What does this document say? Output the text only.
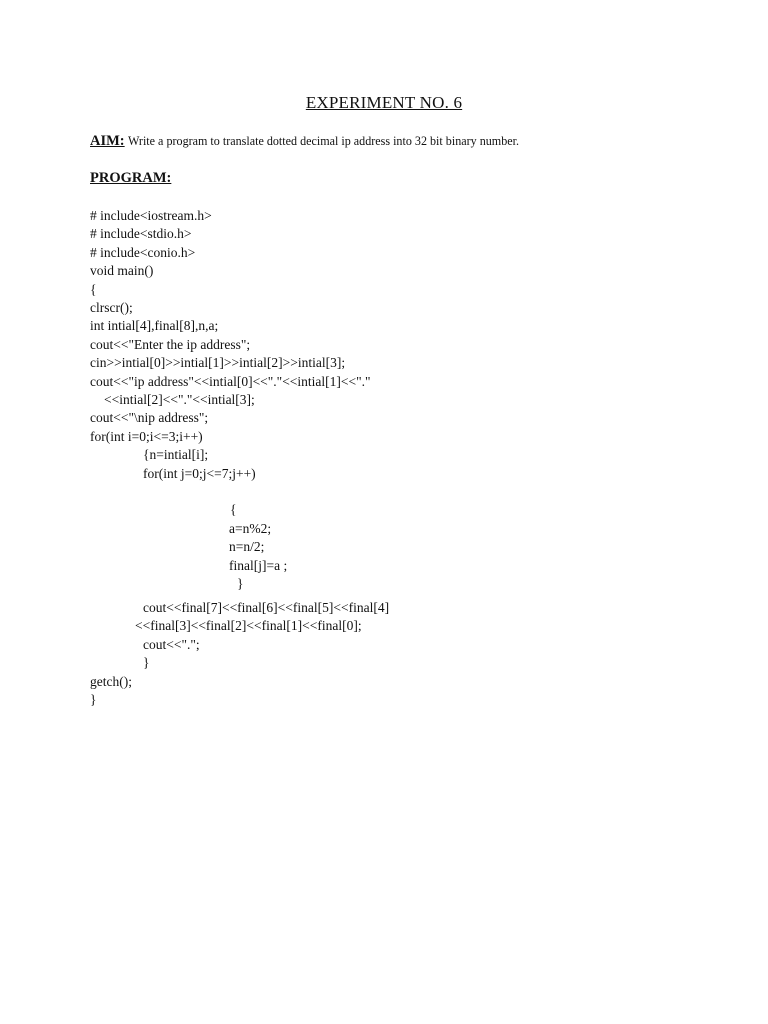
EXPERIMENT NO. 6
AIM: Write a program to translate dotted decimal ip address into 32 bit binary number.
PROGRAM:
# include<iostream.h>
# include<stdio.h>
# include<conio.h>
void main()
{
clrscr();
int intial[4],final[8],n,a;
cout<<"Enter the ip address";
cin>>intial[0]>>intial[1]>>intial[2]>>intial[3];
cout<<"ip address"<<intial[0]<<"."<<intial[1]<<"."
<<intial[2]<<"."<<intial[3];
cout<<"\nip address";
for(int i=0;i<=3;i++)
{n=intial[i];
for(int j=0;j<=7;j++)
{
a=n%2;
n=n/2;
final[j]=a ;
}
cout<<final[7]<<final[6]<<final[5]<<final[4]
<<final[3]<<final[2]<<final[1]<<final[0];
cout<<".";
}
getch();
}
